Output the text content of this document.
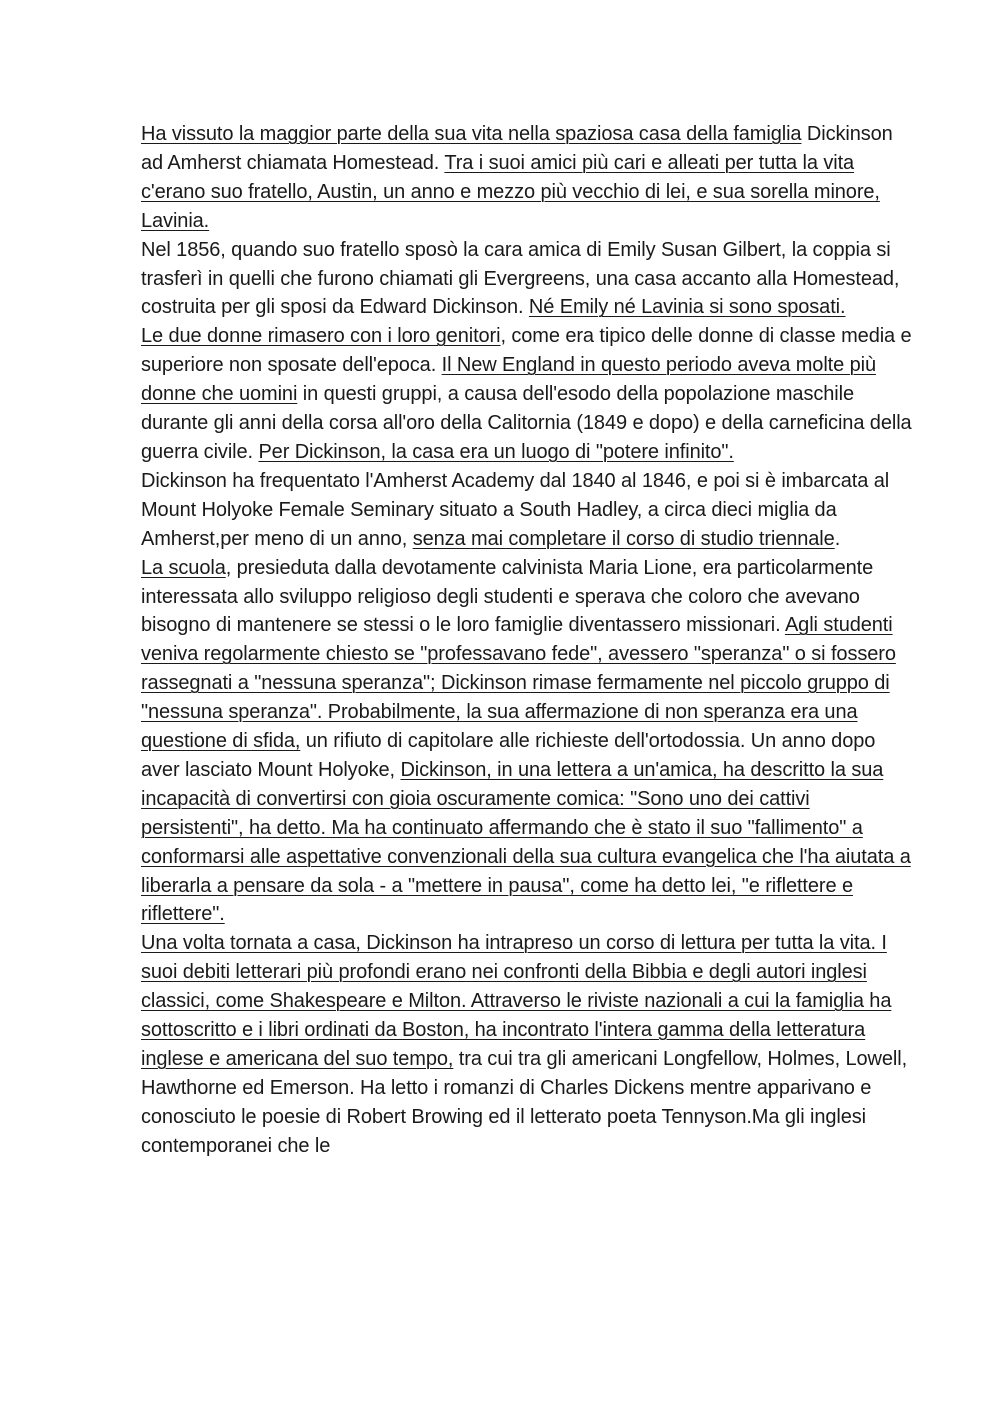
Ha vissuto la maggior parte della sua vita nella spaziosa casa della famiglia Dickinson ad Amherst chiamata Homestead. Tra i suoi amici più cari e alleati per tutta la vita c'erano suo fratello, Austin, un anno e mezzo più vecchio di lei, e sua sorella minore, Lavinia.

Nel 1856, quando suo fratello sposò la cara amica di Emily Susan Gilbert, la coppia si trasferì in quelli che furono chiamati gli Evergreens, una casa accanto alla Homestead, costruita per gli sposi da Edward Dickinson. Né Emily né Lavinia si sono sposati.

Le due donne rimasero con i loro genitori, come era tipico delle donne di classe media e superiore non sposate dell'epoca. Il New England in questo periodo aveva molte più donne che uomini in questi gruppi, a causa dell'esodo della popolazione maschile durante gli anni della corsa all'oro della Calitornia (1849 e dopo) e della carneficina della guerra civile. Per Dickinson, la casa era un luogo di "potere infinito".

Dickinson ha frequentato l'Amherst Academy dal 1840 al 1846, e poi si è imbarcata al Mount Holyoke Female Seminary situato a South Hadley, a circa dieci miglia da Amherst,per meno di un anno, senza mai completare il corso di studio triennale.

La scuola, presieduta dalla devotamente calvinista Maria Lione, era particolarmente interessata allo sviluppo religioso degli studenti e sperava che coloro che avevano bisogno di mantenere se stessi o le loro famiglie diventassero missionari. Agli studenti veniva regolarmente chiesto se "professavano fede", avessero "speranza" o si fossero rassegnati a "nessuna speranza"; Dickinson rimase fermamente nel piccolo gruppo di "nessuna speranza". Probabilmente, la sua affermazione di non speranza era una questione di sfida, un rifiuto di capitolare alle richieste dell'ortodossia. Un anno dopo aver lasciato Mount Holyoke, Dickinson, in una lettera a un'amica, ha descritto la sua incapacità di convertirsi con gioia oscuramente comica: "Sono uno dei cattivi persistenti", ha detto. Ma ha continuato affermando che è stato il suo "fallimento" a conformarsi alle aspettative convenzionali della sua cultura evangelica che l'ha aiutata a liberarla a pensare da sola - a "mettere in pausa", come ha detto lei, "e riflettere e riflettere".

Una volta tornata a casa, Dickinson ha intrapreso un corso di lettura per tutta la vita. I suoi debiti letterari più profondi erano nei confronti della Bibbia e degli autori inglesi classici, come Shakespeare e Milton. Attraverso le riviste nazionali a cui la famiglia ha sottoscritto e i libri ordinati da Boston, ha incontrato l'intera gamma della letteratura inglese e americana del suo tempo, tra cui tra gli americani Longfellow, Holmes, Lowell, Hawthorne ed Emerson. Ha letto i romanzi di Charles Dickens mentre apparivano e conosciuto le poesie di Robert Browing ed il letterato poeta Tennyson.Ma gli inglesi contemporanei che le
